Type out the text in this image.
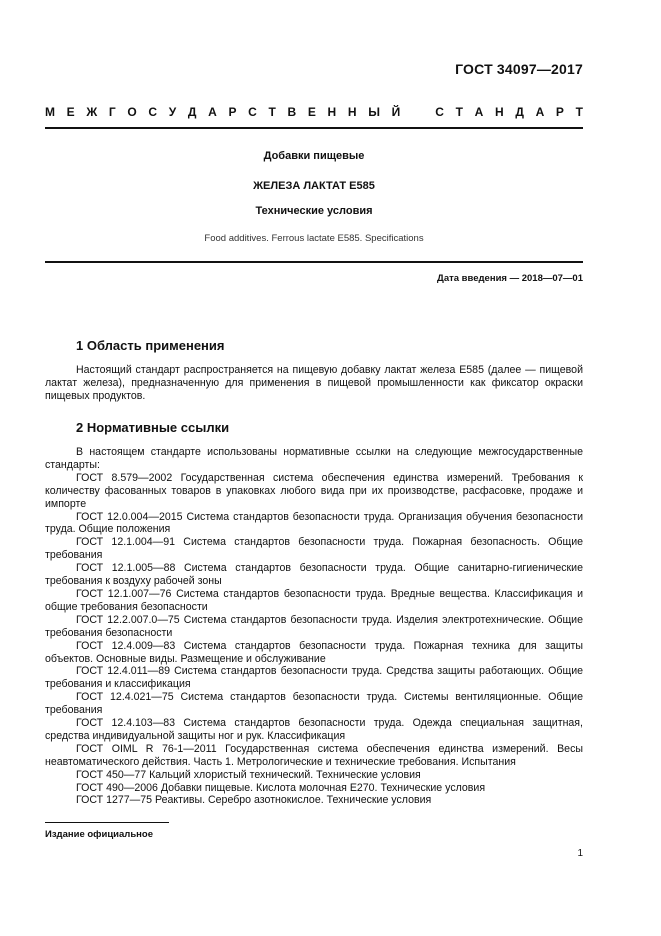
ГОСТ 34097—2017
М Е Ж Г О С У Д А Р С Т В Е Н Н Ы Й	С Т А Н Д А Р Т
Добавки пищевые
ЖЕЛЕЗА ЛАКТАТ Е585
Технические условия
Food additives. Ferrous lactate E585. Specifications
Дата введения — 2018—07—01
1 Область применения

Настоящий стандарт распространяется на пищевую добавку лактат железа Е585 (далее — пищевой лактат железа), предназначенную для применения в пищевой промышленности как фиксатор окраски пищевых продуктов.

2 Нормативные ссылки

В настоящем стандарте использованы нормативные ссылки на следующие межгосударственные стандарты:

ГОСТ 8.579—2002 Государственная система обеспечения единства измерений. Требования к количеству фасованных товаров в упаковках любого вида при их производстве, расфасовке, продаже и импорте

ГОСТ 12.0.004—2015 Система стандартов безопасности труда. Организация обучения безопасности труда. Общие положения

ГОСТ 12.1.004—91 Система стандартов безопасности труда. Пожарная безопасность. Общие требования

ГОСТ 12.1.005—88 Система стандартов безопасности труда. Общие санитарно-гигиенические требования к воздуху рабочей зоны

ГОСТ 12.1.007—76 Система стандартов безопасности труда. Вредные вещества. Классификация и общие требования безопасности

ГОСТ 12.2.007.0—75 Система стандартов безопасности труда. Изделия электротехнические. Общие требования безопасности

ГОСТ 12.4.009—83 Система стандартов безопасности труда. Пожарная техника для защиты объектов. Основные виды. Размещение и обслуживание

ГОСТ 12.4.011—89 Система стандартов безопасности труда. Средства защиты работающих. Общие требования и классификация

ГОСТ 12.4.021—75 Система стандартов безопасности труда. Системы вентиляционные. Общие требования

ГОСТ 12.4.103—83 Система стандартов безопасности труда. Одежда специальная защитная, средства индивидуальной защиты ног и рук. Классификация

ГОСТ OIML R 76-1—2011 Государственная система обеспечения единства измерений. Весы неавтоматического действия. Часть 1. Метрологические и технические требования. Испытания

ГОСТ 450—77 Кальций хлористый технический. Технические условия

ГОСТ 490—2006 Добавки пищевые. Кислота молочная Е270. Технические условия

ГОСТ 1277—75 Реактивы. Серебро азотнокислое. Технические условия

Издание официальное
1
